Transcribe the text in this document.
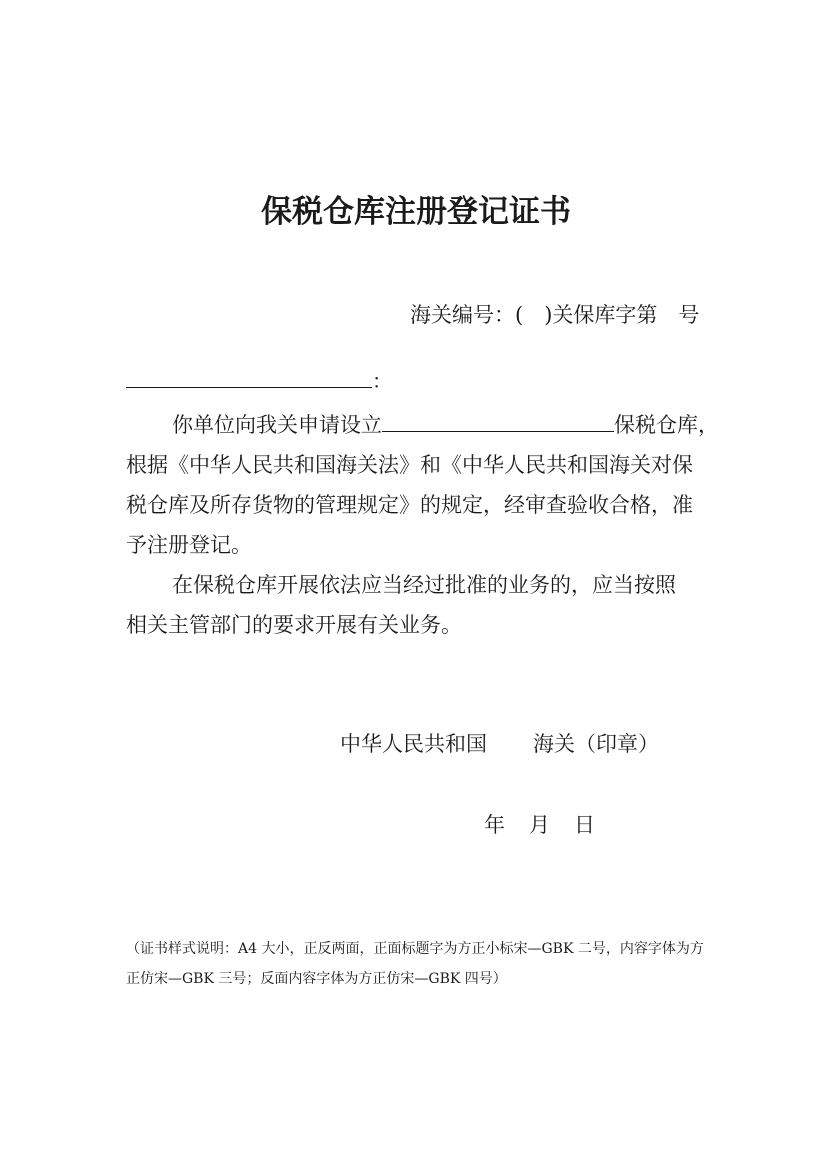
保税仓库注册登记证书
海关编号：(　)关保库字第　号
：
你单位向我关申请设立	保税仓库，
根据《中华人民共和国海关法》和《中华人民共和国海关对保
税仓库及所存货物的管理规定》的规定，经审查验收合格，准
予注册登记。
在保税仓库开展依法应当经过批准的业务的，应当按照
相关主管部门的要求开展有关业务。
中华人民共和国 海关（印章）
年 月 日
（证书样式说明：A4 大小，正反两面，正面标题字为方正小标宋—GBK 二号，内容字体为方
正仿宋—GBK 三号；反面内容字体为方正仿宋—GBK 四号）
